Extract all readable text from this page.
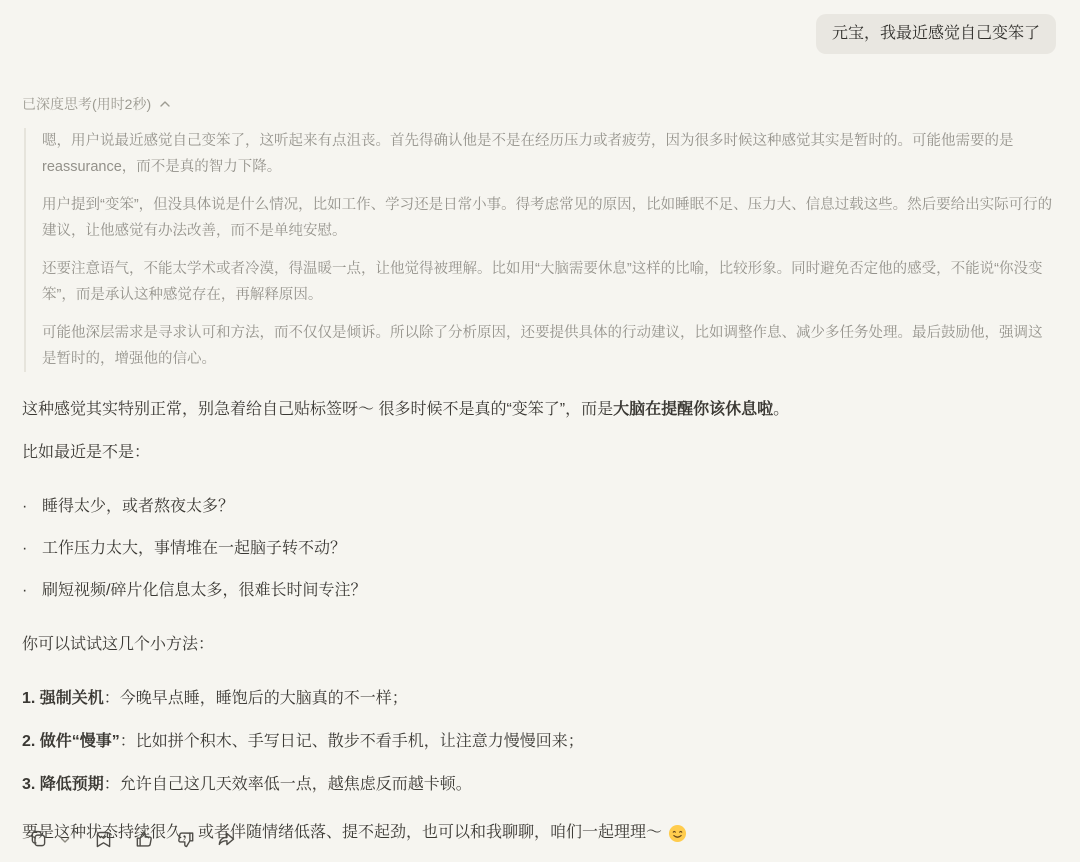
元宝，我最近感觉自己变笨了
已深度思考(用时2秒)

嗯，用户说最近感觉自己变笨了，这听起来有点沮丧。首先得确认他是不是在经历压力或者疲劳，因为很多时候这种感觉其实是暂时的。可能他需要的是reassurance，而不是真的智力下降。

用户提到“变笨”，但没具体说是什么情况，比如工作、学习还是日常小事。得考虑常见的原因，比如睡眠不足、压力大、信息过载这些。然后要给出实际可行的建议，让他感觉有办法改善，而不是单纯安慰。

还要注意语气，不能太学术或者冷漠，得温暖一点，让他觉得被理解。比如用“大脑需要休息”这样的比喻，比较形象。同时避免否定他的感受，不能说“你没变笨”，而是承认这种感觉存在，再解释原因。

可能他深层需求是寻求认可和方法，而不仅仅是倾诉。所以除了分析原因，还要提供具体的行动建议，比如调整作息、减少多任务处理。最后鼓励他，强调这是暂时的，增强他的信心。

这种感觉其实特别正常，别急着给自己贴标签呀～ 很多时候不是真的“变笨了”，而是大脑在提醒你该休息啦。

比如最近是不是：

· 睡得太少，或者熬夜太多？
· 工作压力太大，事情堆在一起脑子转不动？
· 刷短视频/碎片化信息太多，很难长时间专注？

你可以试试这几个小方法：

1. 强制关机：今晚早点睡，睡饱后的大脑真的不一样；
2. 做件“慢事”：比如拼个积木、手写日记、散步不看手机，让注意力慢慢回来；
3. 降低预期：允许自己这几天效率低一点，越焦虑反而越卡顿。
要是这种状态持续很久，或者伴随情绪低落、提不起劲，也可以和我聊聊，咱们一起理理～
